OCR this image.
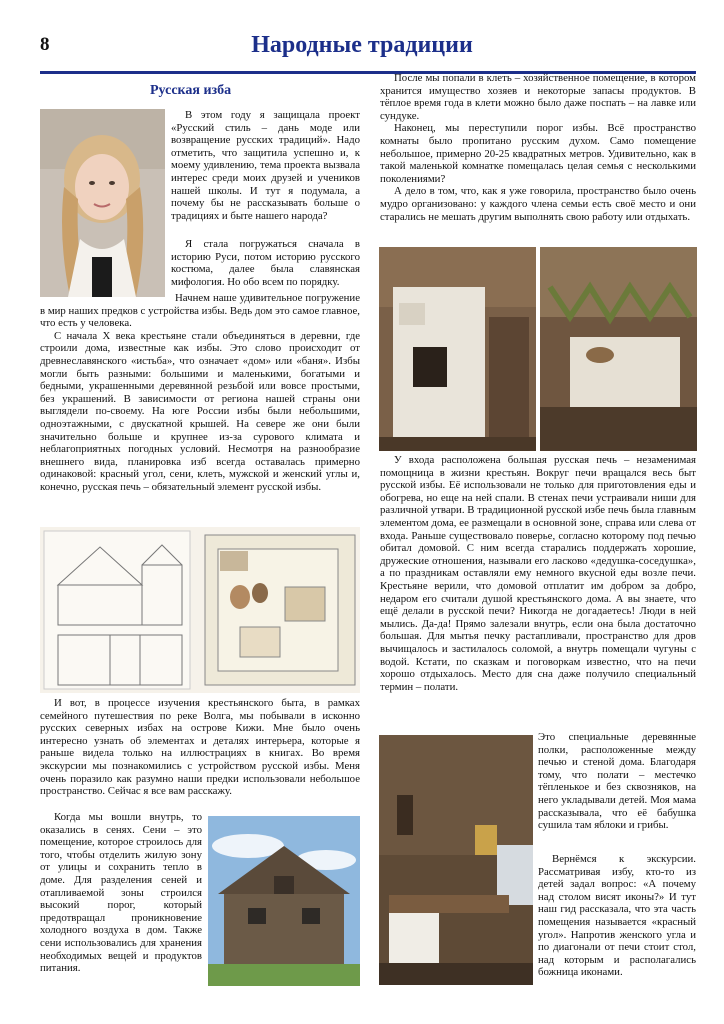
8	Народные традиции
Русская изба

В этом году я защищала проект «Русский стиль – дань моде или возвращение русских традиций». Надо отметить, что защитила успешно и, к моему удивлению, тема проекта вызвала интерес среди моих друзей и учеников нашей школы. И тут я подумала, а почему бы не рассказывать больше о традициях и быте нашего народа?

Я стала погружаться сначала в историю Руси, потом историю русского костюма, далее была славянская мифология. Но обо всем по порядку.

Начнем наше удивительное погружение в мир наших предков с устройства избы. Ведь дом это самое главное, что есть у человека.

С начала X века крестьяне стали объединяться в деревни, где строили дома, известные как избы. Это слово происходит от древнеславянского «истьба», что означает «дом» или «баня». Избы могли быть разными: большими и маленькими, богатыми и бедными, украшенными деревянной резьбой или вовсе простыми, без украшений. В зависимости от региона нашей страны они выглядели по-своему. На юге России избы были небольшими, одноэтажными, с двускатной крышей. На севере же они были значительно больше и крупнее из-за сурового климата и неблагоприятных погодных условий. Несмотря на разнообразие внешнего вида, планировка изб всегда оставалась примерно одинаковой: красный угол, сени, клеть, мужской и женский углы и, конечно, русская печь – обязательный элемент русской избы.

И вот, в процессе изучения крестьянского быта, в рамках семейного путешествия по реке Волга, мы побывали в исконно русских северных избах на острове Кижи. Мне было очень интересно узнать об элементах и деталях интерьера, которые я раньше видела только на иллюстрациях в книгах. Во время экскурсии мы познакомились с устройством русской избы. Меня очень поразило как разумно наши предки использовали небольшое пространство. Сейчас я все вам расскажу.

Когда мы вошли внутрь, то оказались в сенях. Сени – это помещение, которое строилось для того, чтобы отделить жилую зону от улицы и сохранить тепло в доме. Для разделения сеней и отапливаемой зоны строился высокий порог, который предотвращал проникновение холодного воздуха в дом. Также сени использовались для хранения необходимых вещей и продуктов питания.

После мы попали в клеть – хозяйственное помещение, в котором хранится имущество хозяев и некоторые запасы продуктов. В тёплое время года в клети можно было даже поспать – на лавке или сундуке.

Наконец, мы переступили порог избы. Всё пространство комнаты было пропитано русским духом. Само помещение небольшое, примерно 20-25 квадратных метров. Удивительно, как в такой маленькой комнатке помещалась целая семья с несколькими поколениями?

А дело в том, что, как я уже говорила, пространство было очень мудро организовано: у каждого члена семьи есть своё место и они старались не мешать другим выполнять свою работу или отдыхать.

У входа расположена большая русская печь – незаменимая помощница в жизни крестьян. Вокруг печи вращался весь быт русской избы. Её использовали не только для приготовления еды и обогрева, но еще на ней спали. В стенах печи устраивали ниши для различной утвари. В традиционной русской избе печь была главным элементом дома, ее размещали в основной зоне, справа или слева от входа. Раньше существовало поверье, согласно которому под печью обитал домовой. С ним всегда старались поддержать хорошие, дружеские отношения, называли его ласково «дедушка-соседушка», а по праздникам оставляли ему немного вкусной еды возле печи. Крестьяне верили, что домовой отплатит им добром за добро, недаром его считали душой крестьянского дома. А вы знаете, что ещё делали в русской печи? Никогда не догадаетесь! Люди в ней мылись. Да-да! Прямо залезали внутрь, если она была достаточно большая. Для мытья печку растапливали, пространство для дров вычищалось и застилалось соломой, а внутрь помещали чугуны с водой. Кстати, по сказкам и поговоркам известно, что на печи хорошо отдыхалось. Место для сна даже получило специальный термин – полати.

Это специальные деревянные полки, расположенные между печью и стеной дома. Благодаря тому, что полати – местечко тёпленькое и без сквозняков, на него укладывали детей. Моя мама рассказывала, что её бабушка сушила там яблоки и грибы.

Вернёмся к экскурсии. Рассматривая избу, кто-то из детей задал вопрос: «А почему над столом висят иконы?» И тут наш гид рассказала, что эта часть помещения называется «красный угол». Напротив женского угла и по диагонали от печи стоит стол, над которым и располагались божница иконами.
